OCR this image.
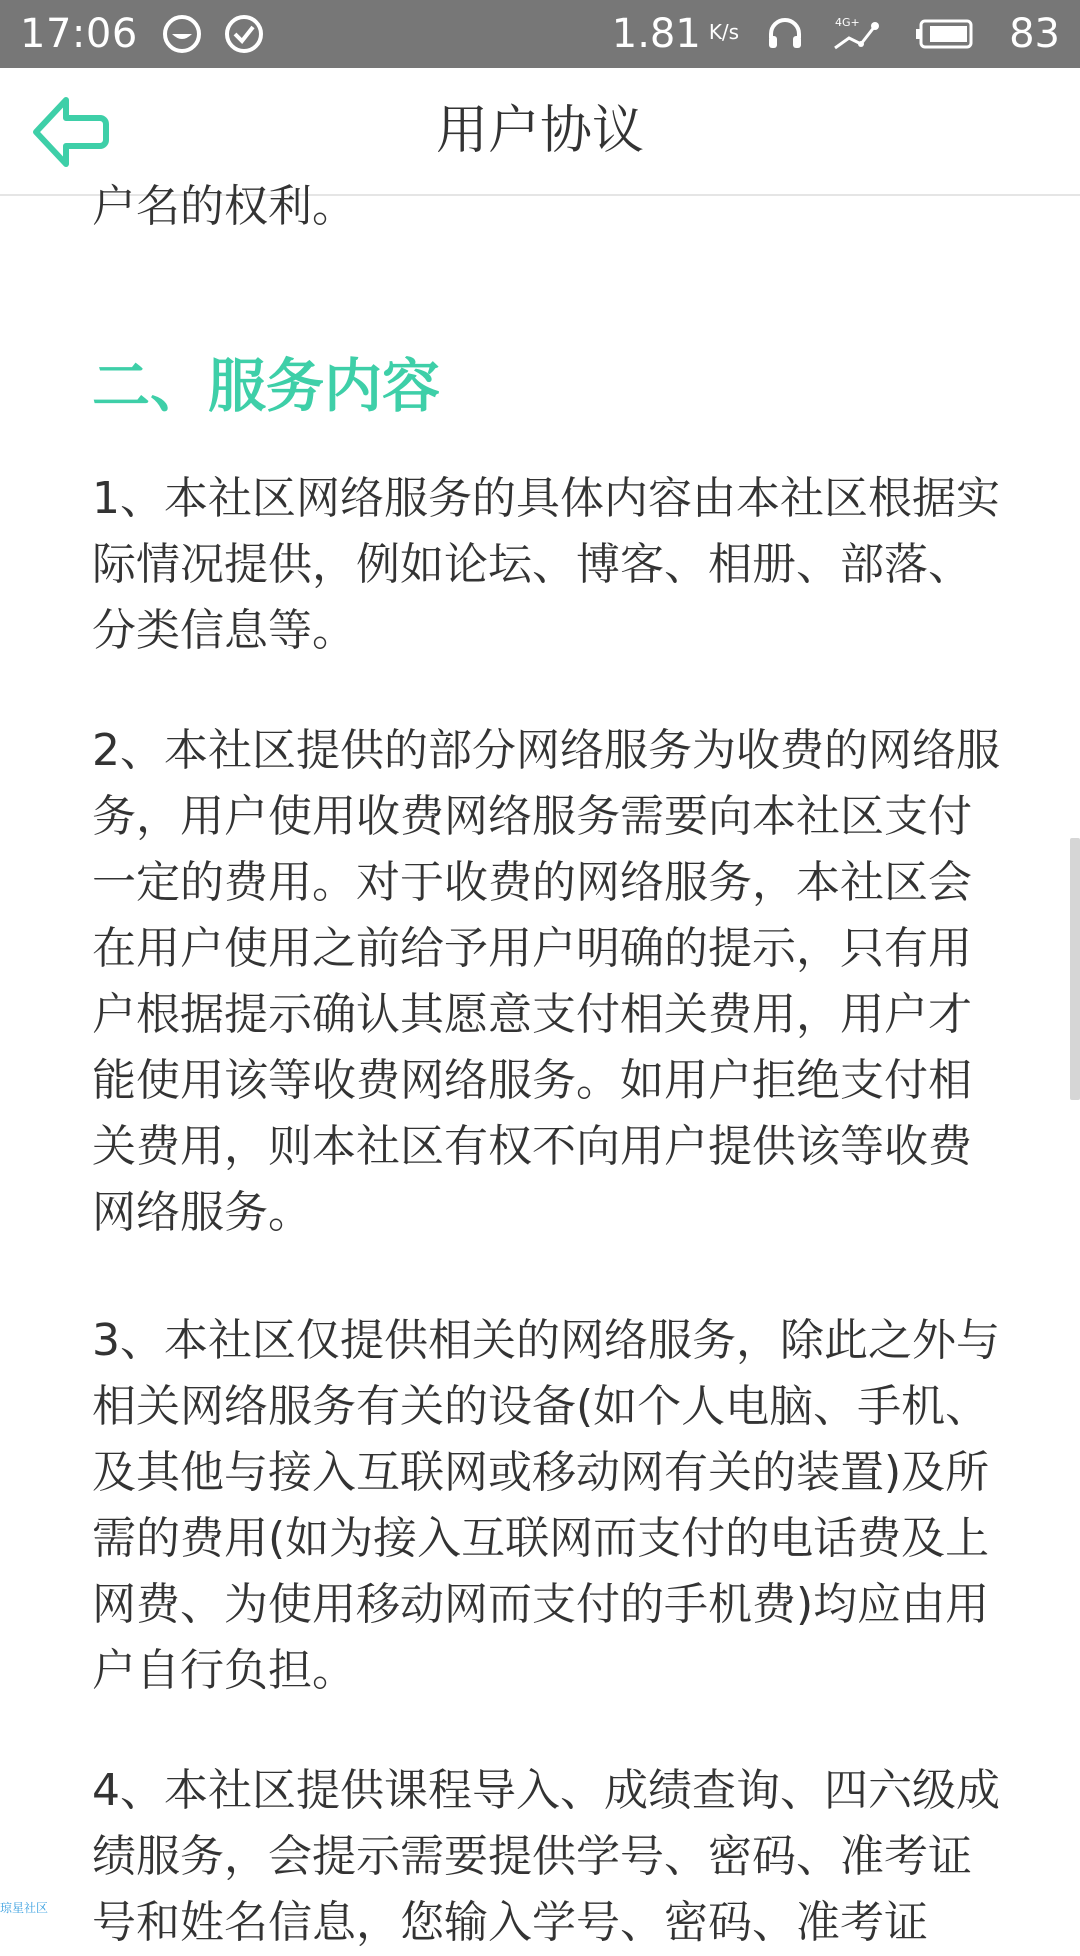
17:06	1.81 K/s	4G+	83
用户协议

户名的权利。

二、服务内容

1、本社区网络服务的具体内容由本社区根据实际情况提供，例如论坛、博客、相册、部落、分类信息等。

2、本社区提供的部分网络服务为收费的网络服务，用户使用收费网络服务需要向本社区支付一定的费用。对于收费的网络服务，本社区会在用户使用之前给予用户明确的提示，只有用户根据提示确认其愿意支付相关费用，用户才能使用该等收费网络服务。如用户拒绝支付相关费用，则本社区有权不向用户提供该等收费网络服务。

3、本社区仅提供相关的网络服务，除此之外与相关网络服务有关的设备(如个人电脑、手机、及其他与接入互联网或移动网有关的装置)及所需的费用(如为接入互联网而支付的电话费及上网费、为使用移动网而支付的手机费)均应由用户自行负担。

4、本社区提供课程导入、成绩查询、四六级成绩服务，会提示需要提供学号、密码、准考证号和姓名信息，您输入学号、密码、准考证

琼星社区
